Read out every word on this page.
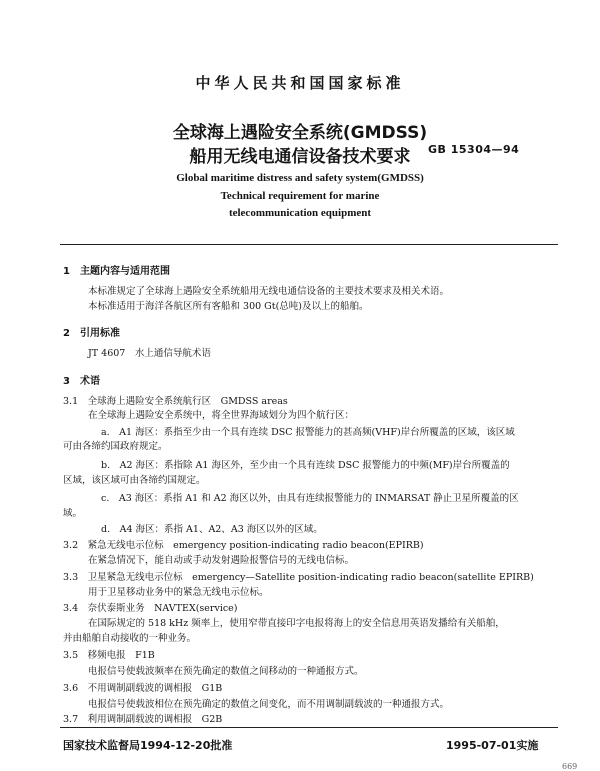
中华人民共和国国家标准
全球海上遇险安全系统(GMDSS)
船用无线电通信设备技术要求	GB 15304—94
Global maritime distress and safety system(GMDSS)
Technical requirement for marine
telecommunication equipment
1　主题内容与适用范围
本标准规定了全球海上遇险安全系统船用无线电通信设备的主要技术要求及相关术语。
本标准适用于海洋各航区所有客船和 300 Gt(总吨)及以上的船舶。
2　引用标准
JT 4607　水上通信导航术语
3　术语
3.1　全球海上遇险安全系统航行区　GMDSS areas
在全球海上遇险安全系统中，将全世界海域划分为四个航行区：
a.　A1 海区：系指至少由一个具有连续 DSC 报警能力的甚高频(VHF)岸台所覆盖的区域，该区域
可由各缔约国政府规定。
b.　A2 海区：系指除 A1 海区外，至少由一个具有连续 DSC 报警能力的中频(MF)岸台所覆盖的
区域，该区域可由各缔约国规定。
c.　A3 海区：系指 A1 和 A2 海区以外，由具有连续报警能力的 INMARSAT 静止卫星所覆盖的区
域。
d.　A4 海区：系指 A1、A2、A3 海区以外的区域。
3.2　紧急无线电示位标　emergency position-indicating radio beacon(EPIRB)
在紧急情况下，能自动或手动发射遇险报警信号的无线电信标。
3.3　卫星紧急无线电示位标　emergency—Satellite position-indicating radio beacon(satellite EPIRB)
用于卫星移动业务中的紧急无线电示位标。
3.4　奈伏泰斯业务　NAVTEX(service)
在国际规定的 518 kHz 频率上，使用窄带直接印字电报将海上的安全信息用英语发播给有关船舶，
并由船舶自动接收的一种业务。
3.5　移频电报　F1B
电报信号使载波频率在预先确定的数值之间移动的一种通报方式。
3.6　不用调制副载波的调相报　G1B
电报信号使载波相位在预先确定的数值之间变化，而不用调制副载波的一种通报方式。
3.7　利用调制副载波的调相报　G2B
国家技术监督局1994-12-20批准	1995-07-01实施
669
